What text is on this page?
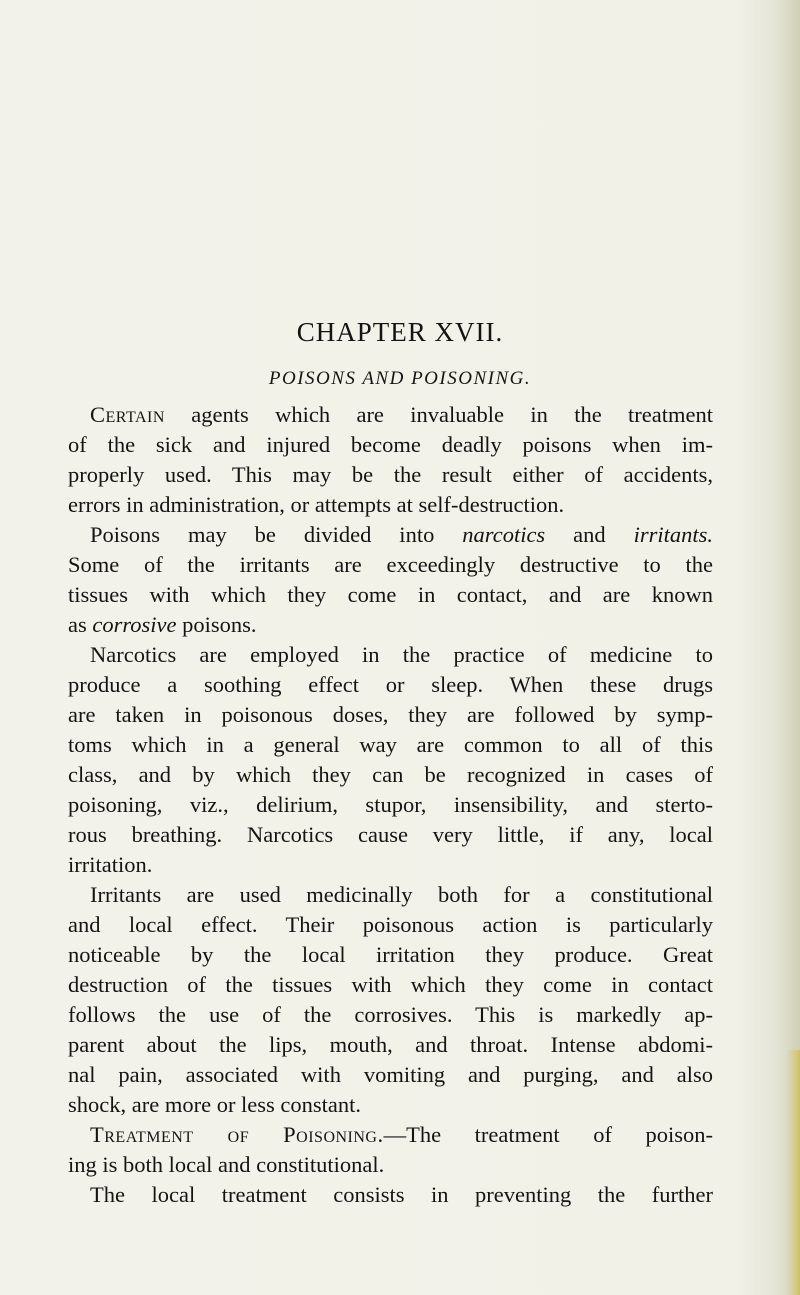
CHAPTER XVII.
POISONS AND POISONING.
Certain agents which are invaluable in the treatment
of the sick and injured become deadly poisons when im-
properly used. This may be the result either of accidents,
errors in administration, or attempts at self-destruction.
Poisons may be divided into narcotics and irritants.
Some of the irritants are exceedingly destructive to the
tissues with which they come in contact, and are known
as corrosive poisons.
Narcotics are employed in the practice of medicine to
produce a soothing effect or sleep. When these drugs
are taken in poisonous doses, they are followed by symp-
toms which in a general way are common to all of this
class, and by which they can be recognized in cases of
poisoning, viz., delirium, stupor, insensibility, and sterto-
rous breathing. Narcotics cause very little, if any, local
irritation.
Irritants are used medicinally both for a constitutional
and local effect. Their poisonous action is particularly
noticeable by the local irritation they produce. Great
destruction of the tissues with which they come in contact
follows the use of the corrosives. This is markedly ap-
parent about the lips, mouth, and throat. Intense abdomi-
nal pain, associated with vomiting and purging, and also
shock, are more or less constant.
Treatment of Poisoning.—The treatment of poison-
ing is both local and constitutional.
The local treatment consists in preventing the further
